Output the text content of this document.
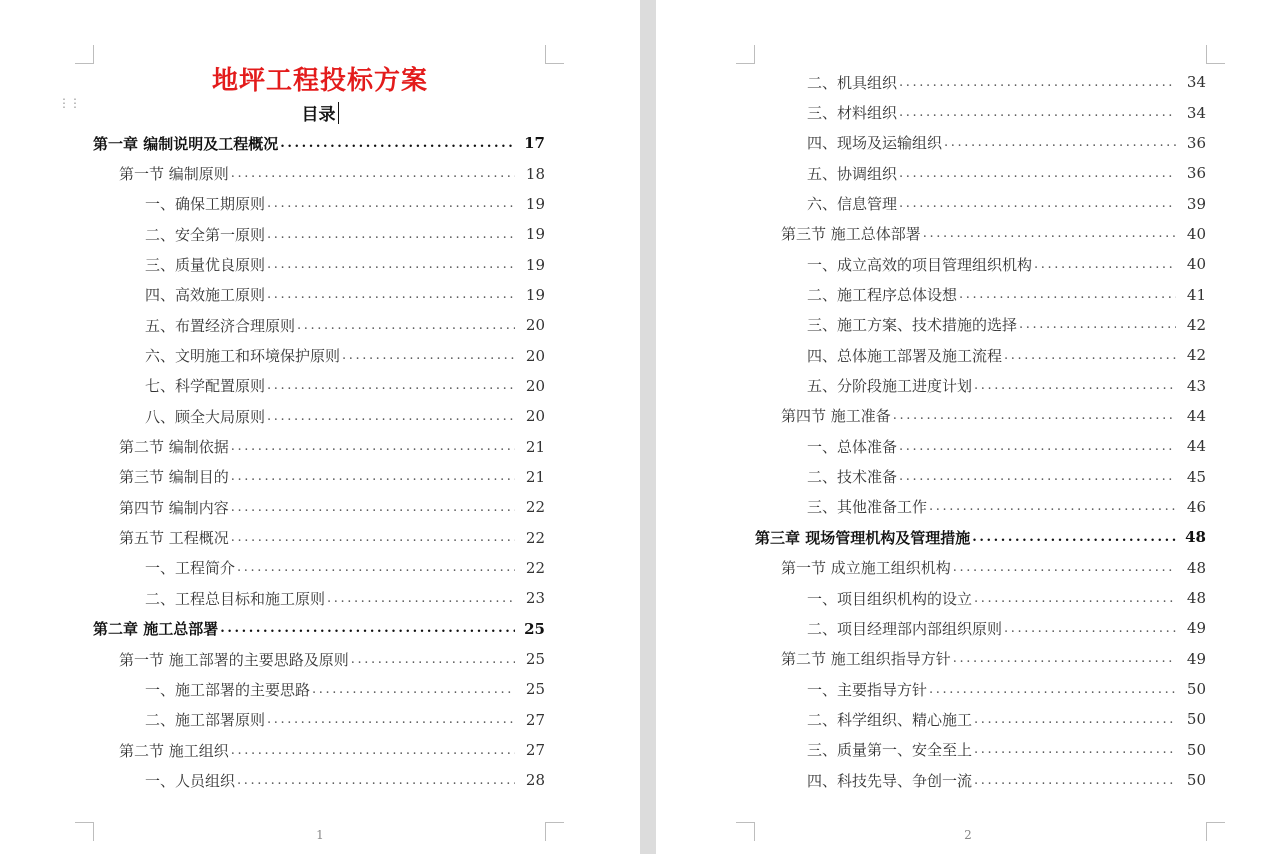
⋮⋮
地坪工程投标方案
目录
第一章 编制说明及工程概况 .....	17
第一节 编制原则 .....	18
一、确保工期原则 .....	19
二、安全第一原则 .....	19
三、质量优良原则 .....	19
四、高效施工原则 .....	19
五、布置经济合理原则 .....	20
六、文明施工和环境保护原则 .....	20
七、科学配置原则 .....	20
八、顾全大局原则 .....	20
第二节 编制依据 .....	21
第三节 编制目的 .....	21
第四节 编制内容 .....	22
第五节 工程概况 .....	22
一、工程简介 .....	22
二、工程总目标和施工原则 .....	23
第二章 施工总部署 .....	25
第一节 施工部署的主要思路及原则 .....	25
一、施工部署的主要思路 .....	25
二、施工部署原则 .....	27
第二节 施工组织 .....	27
一、人员组织 .....	28
1
二、机具组织 .....	34
三、材料组织 .....	34
四、现场及运输组织 .....	36
五、协调组织 .....	36
六、信息管理 .....	39
第三节 施工总体部署 .....	40
一、成立高效的项目管理组织机构 .....	40
二、施工程序总体设想 .....	41
三、施工方案、技术措施的选择 .....	42
四、总体施工部署及施工流程 .....	42
五、分阶段施工进度计划 .....	43
第四节 施工准备 .....	44
一、总体准备 .....	44
二、技术准备 .....	45
三、其他准备工作 .....	46
第三章 现场管理机构及管理措施 .....	48
第一节 成立施工组织机构 .....	48
一、项目组织机构的设立 .....	48
二、项目经理部内部组织原则 .....	49
第二节 施工组织指导方针 .....	49
一、主要指导方针 .....	50
二、科学组织、精心施工 .....	50
三、质量第一、安全至上 .....	50
四、科技先导、争创一流 .....	50
2
